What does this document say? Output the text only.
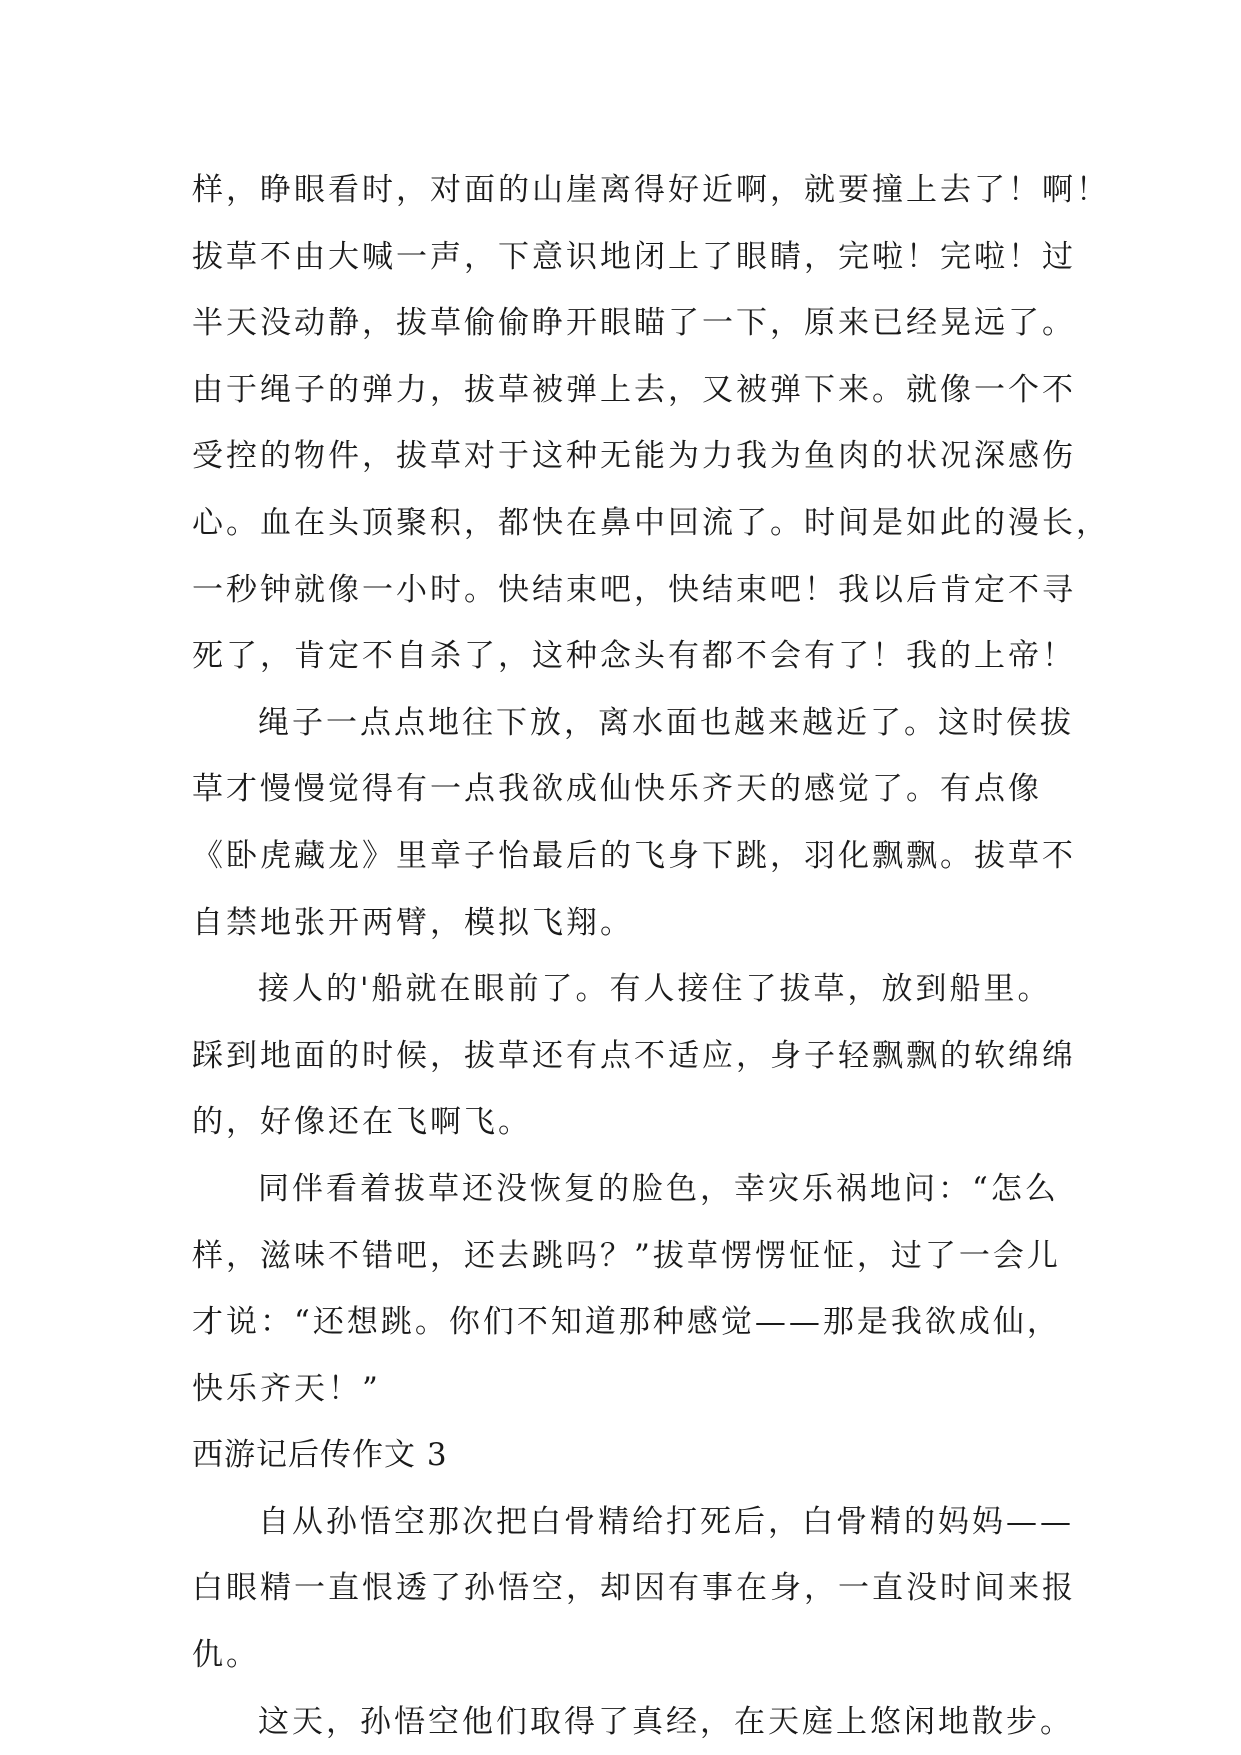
样，睁眼看时，对面的山崖离得好近啊，就要撞上去了！啊！
拔草不由大喊一声，下意识地闭上了眼睛，完啦！完啦！过
半天没动静，拔草偷偷睁开眼瞄了一下，原来已经晃远了。
由于绳子的弹力，拔草被弹上去，又被弹下来。就像一个不
受控的物件，拔草对于这种无能为力我为鱼肉的状况深感伤
心。血在头顶聚积，都快在鼻中回流了。时间是如此的漫长，
一秒钟就像一小时。快结束吧，快结束吧！我以后肯定不寻
死了，肯定不自杀了，这种念头有都不会有了！我的上帝！
绳子一点点地往下放，离水面也越来越近了。这时侯拔
草才慢慢觉得有一点我欲成仙快乐齐天的感觉了。有点像
《卧虎藏龙》里章子怡最后的飞身下跳，羽化飘飘。拔草不
自禁地张开两臂，模拟飞翔。
接人的'船就在眼前了。有人接住了拔草，放到船里。
踩到地面的时候，拔草还有点不适应，身子轻飘飘的软绵绵
的，好像还在飞啊飞。
同伴看着拔草还没恢复的脸色，幸灾乐祸地问：“怎么
样，滋味不错吧，还去跳吗？”拔草愣愣怔怔，过了一会儿
才说：“还想跳。你们不知道那种感觉——那是我欲成仙，
快乐齐天！”
西游记后传作文 3
自从孙悟空那次把白骨精给打死后，白骨精的妈妈——
白眼精一直恨透了孙悟空，却因有事在身，一直没时间来报
仇。
这天，孙悟空他们取得了真经，在天庭上悠闲地散步。
